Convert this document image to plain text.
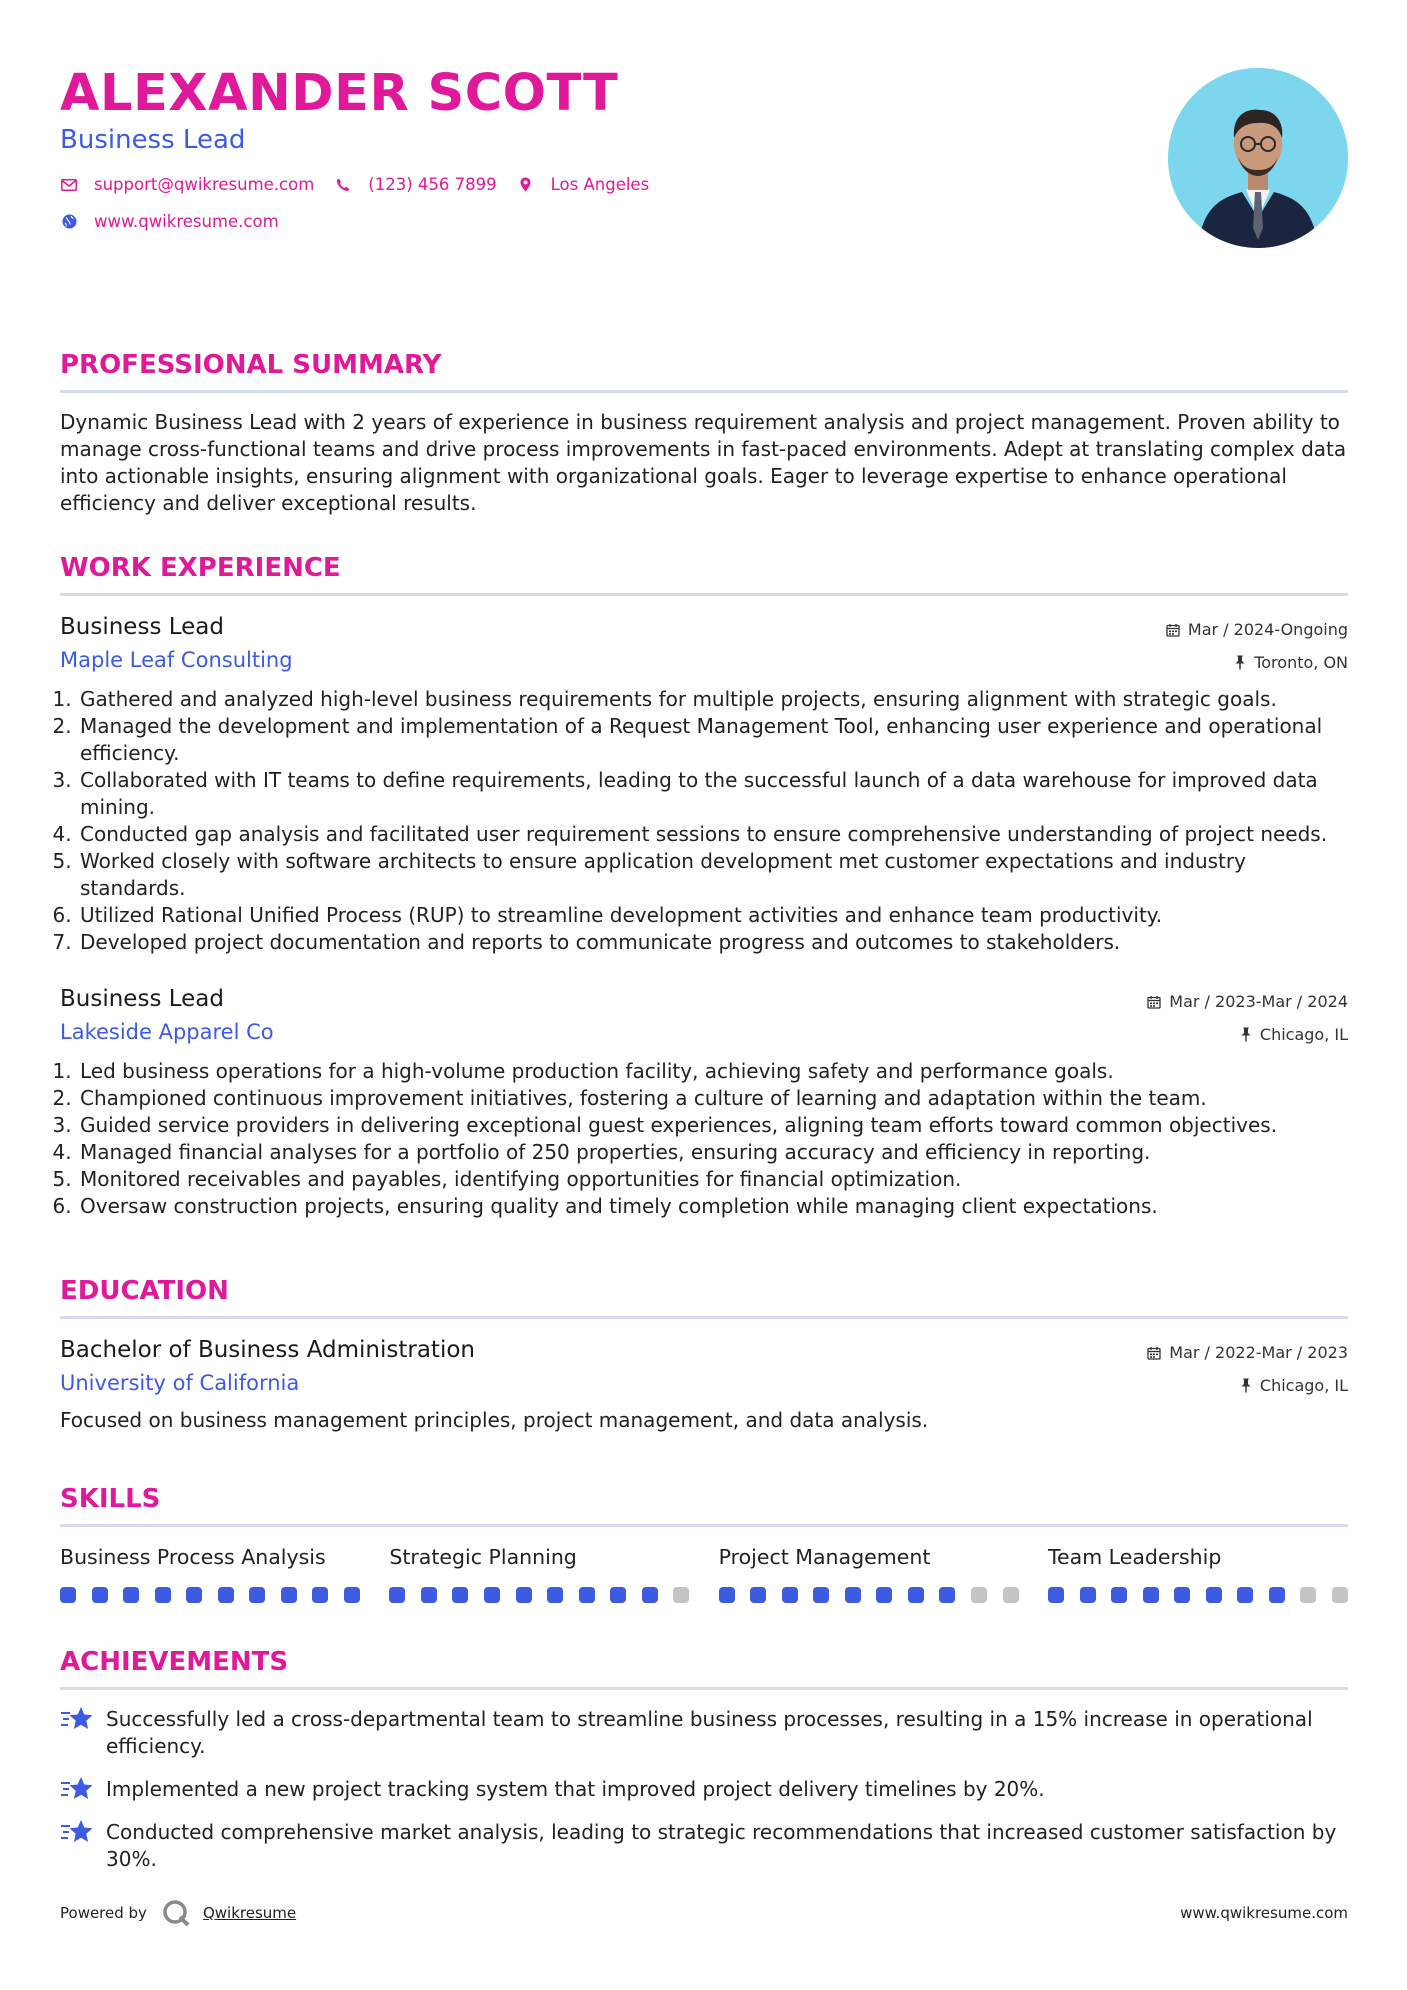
ALEXANDER SCOTT
Business Lead
support@qwikresume.com	(123) 456 7899	Los Angeles
www.qwikresume.com
PROFESSIONAL SUMMARY

Dynamic Business Lead with 2 years of experience in business requirement analysis and project management. Proven ability to manage cross-functional teams and drive process improvements in fast-paced environments. Adept at translating complex data into actionable insights, ensuring alignment with organizational goals. Eager to leverage expertise to enhance operational efficiency and deliver exceptional results.

WORK EXPERIENCE
Business Lead
Maple Leaf Consulting
Mar / 2024-Ongoing
Toronto, ON
1. Gathered and analyzed high-level business requirements for multiple projects, ensuring alignment with strategic goals.
2. Managed the development and implementation of a Request Management Tool, enhancing user experience and operational efficiency.
3. Collaborated with IT teams to define requirements, leading to the successful launch of a data warehouse for improved data mining.
4. Conducted gap analysis and facilitated user requirement sessions to ensure comprehensive understanding of project needs.
5. Worked closely with software architects to ensure application development met customer expectations and industry standards.
6. Utilized Rational Unified Process (RUP) to streamline development activities and enhance team productivity.
7. Developed project documentation and reports to communicate progress and outcomes to stakeholders.
Business Lead
Lakeside Apparel Co
Mar / 2023-Mar / 2024
Chicago, IL
1. Led business operations for a high-volume production facility, achieving safety and performance goals.
2. Championed continuous improvement initiatives, fostering a culture of learning and adaptation within the team.
3. Guided service providers in delivering exceptional guest experiences, aligning team efforts toward common objectives.
4. Managed financial analyses for a portfolio of 250 properties, ensuring accuracy and efficiency in reporting.
5. Monitored receivables and payables, identifying opportunities for financial optimization.
6. Oversaw construction projects, ensuring quality and timely completion while managing client expectations.
EDUCATION
Bachelor of Business Administration
University of California
Mar / 2022-Mar / 2023
Chicago, IL

Focused on business management principles, project management, and data analysis.

SKILLS
Business Process Analysis	Strategic Planning	Project Management	Team Leadership
ACHIEVEMENTS
Successfully led a cross-departmental team to streamline business processes, resulting in a 15% increase in operational efficiency.
Implemented a new project tracking system that improved project delivery timelines by 20%.
Conducted comprehensive market analysis, leading to strategic recommendations that increased customer satisfaction by 30%.
Powered by	Qwikresume	www.qwikresume.com
